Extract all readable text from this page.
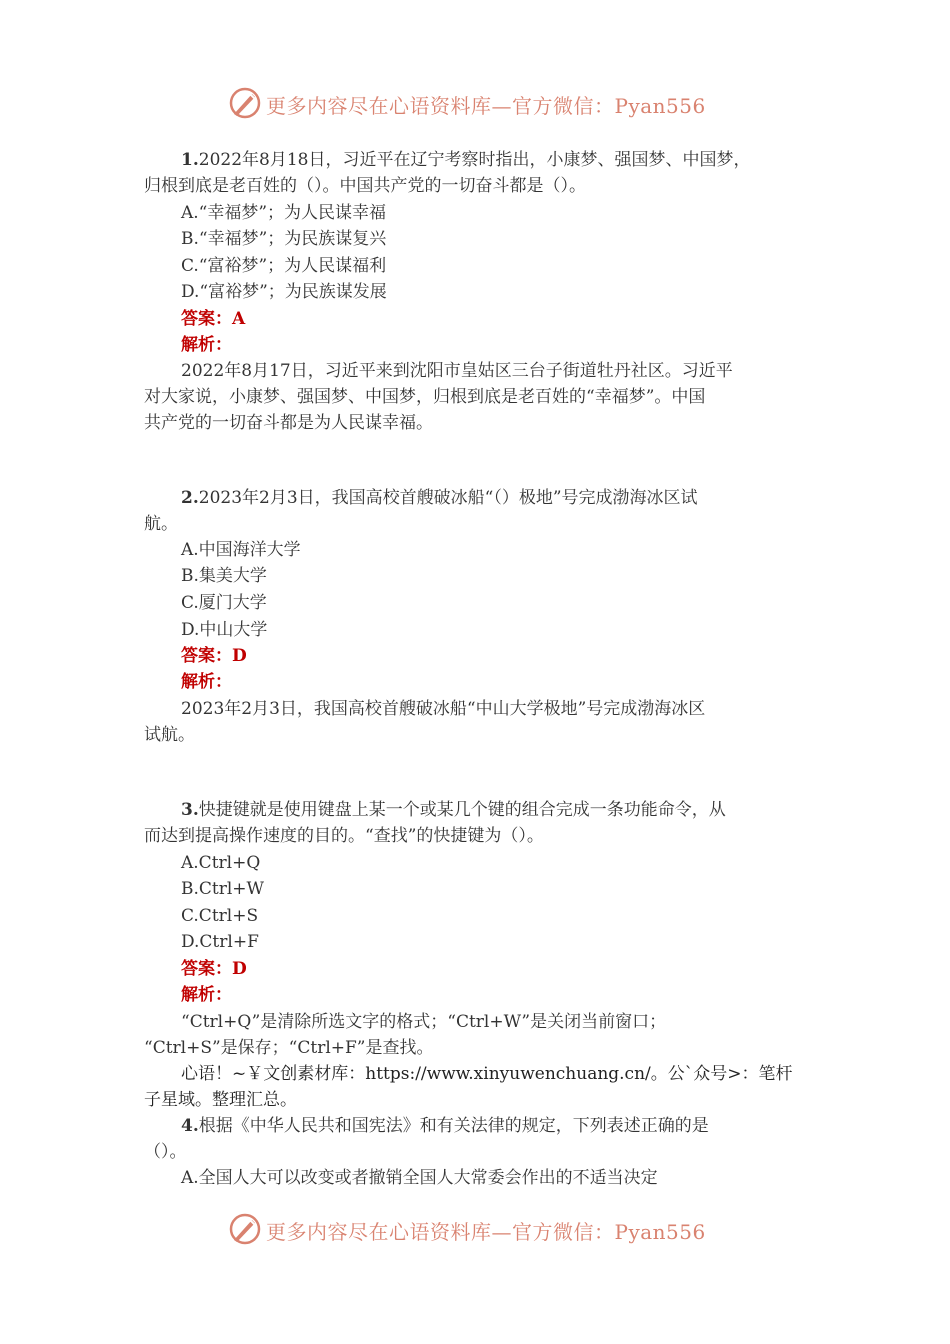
更多内容尽在心语资料库—官方微信：Pyan556
1.2022年8月18日，习近平在辽宁考察时指出，小康梦、强国梦、中国梦，
归根到底是老百姓的（）。中国共产党的一切奋斗都是（）。
A.“幸福梦”；为人民谋幸福
B.“幸福梦”；为民族谋复兴
C.“富裕梦”；为人民谋福利
D.“富裕梦”；为民族谋发展
答案：A
解析：
2022年8月17日，习近平来到沈阳市皇姑区三台子街道牡丹社区。习近平
对大家说，小康梦、强国梦、中国梦，归根到底是老百姓的“幸福梦”。中国
共产党的一切奋斗都是为人民谋幸福。
2.2023年2月3日，我国高校首艘破冰船“（）极地”号完成渤海冰区试
航。
A.中国海洋大学
B.集美大学
C.厦门大学
D.中山大学
答案：D
解析：
2023年2月3日，我国高校首艘破冰船“中山大学极地”号完成渤海冰区
试航。
3.快捷键就是使用键盘上某一个或某几个键的组合完成一条功能命令，从
而达到提高操作速度的目的。“查找”的快捷键为（）。
A.Ctrl+Q
B.Ctrl+W
C.Ctrl+S
D.Ctrl+F
答案：D
解析：
“Ctrl+Q”是清除所选文字的格式；“Ctrl+W”是关闭当前窗口；
“Ctrl+S”是保存；“Ctrl+F”是查找。
心语！~￥文创素材库：https://www.xinyuwenchuang.cn/。公`众号>：笔杆
子星域。整理汇总。
4.根据《中华人民共和国宪法》和有关法律的规定，下列表述正确的是
（）。
A.全国人大可以改变或者撤销全国人大常委会作出的不适当决定
更多内容尽在心语资料库—官方微信：Pyan556
